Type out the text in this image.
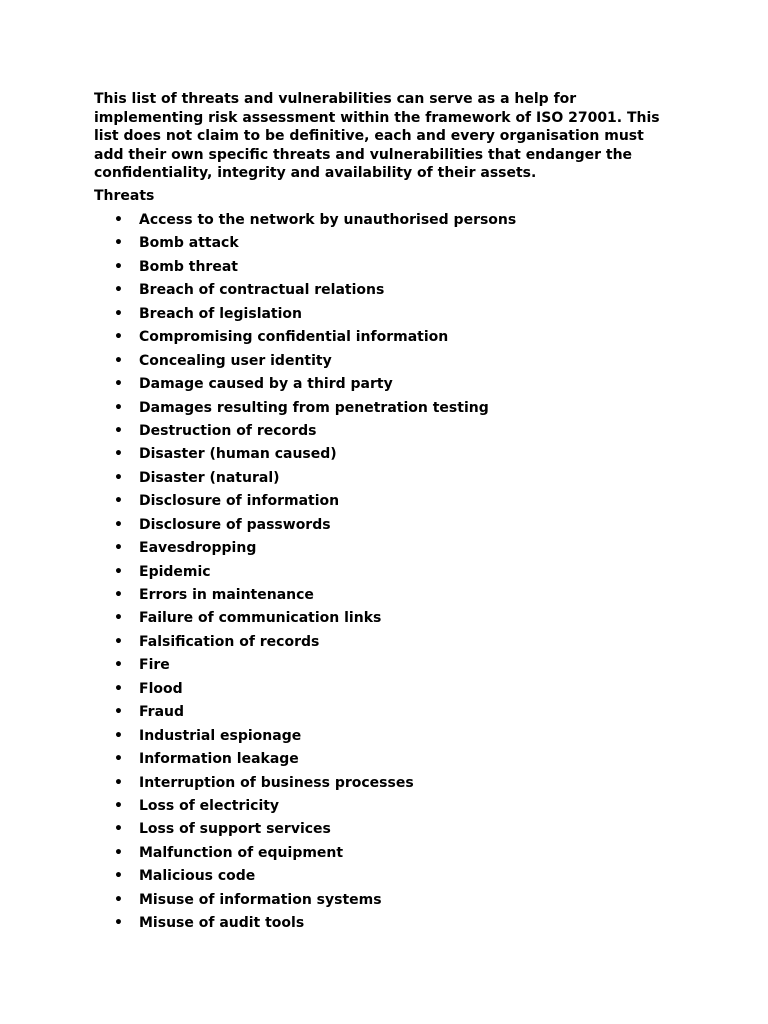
This list of threats and vulnerabilities can serve as a help for implementing risk assessment within the framework of ISO 27001. This list does not claim to be definitive, each and every organisation must add their own specific threats and vulnerabilities that endanger the confidentiality, integrity and availability of their assets.

Threats

• Access to the network by unauthorised persons
• Bomb attack
• Bomb threat
• Breach of contractual relations
• Breach of legislation
• Compromising confidential information
• Concealing user identity
• Damage caused by a third party
• Damages resulting from penetration testing
• Destruction of records
• Disaster (human caused)
• Disaster (natural)
• Disclosure of information
• Disclosure of passwords
• Eavesdropping
• Epidemic
• Errors in maintenance
• Failure of communication links
• Falsification of records
• Fire
• Flood
• Fraud
• Industrial espionage
• Information leakage
• Interruption of business processes
• Loss of electricity
• Loss of support services
• Malfunction of equipment
• Malicious code
• Misuse of information systems
• Misuse of audit tools
